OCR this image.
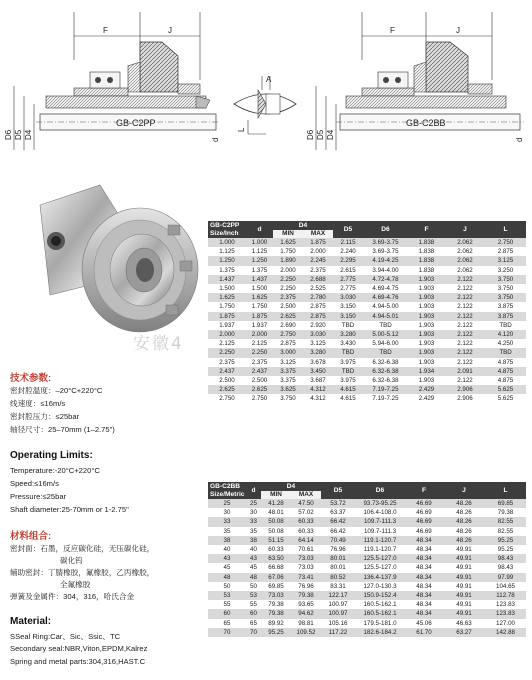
F	J
D6 D5 D4	d
GB-C2PP
A
L
F	J
D6 D5 D4	d
GB-C2BB
安徽4
技术参数:
密封腔温度：–20°C+220°C
线速度：≤16m/s
密封腔压力：≤25bar
轴径尺寸：25–70mm (1–2.75")
Operating Limits:
Temperature:-20°C+220°C
Speed:≤16m/s
Pressure:≤25bar
Shaft diameter:25-70mm or 1-2.75"
材料组合:
密封面：石墨，反应碳化硅，无压碳化硅，
碳化钨
辅助密封：丁腈橡胶，氟橡胶，乙丙橡胶，
全氟橡胶
弹簧及金属件：304，316，哈氏合金
Material:
SSeal Ring:Car、Sic、Ssic、TC
Secondary seal:NBR,Viton,EPDM,Kalrez
Spring and metal parts:304,316,HAST.C
GB-C2PP
Size/Inch	d	D4		D5	D6	F	J	L
		MIN	MAX					
1.000	1.000	1.625	1.875	2.115	3.69-3.75	1.838	2.062	2.750
1.125	1.125	1.750	2.000	2.240	3.69-3.75	1.838	2.062	2.875
1.250	1.250	1.890	2.245	2.295	4.19-4.25	1.838	2.062	3.125
1.375	1.375	2.000	2.375	2.615	3.94-4.00	1.838	2.062	3.250
1.437	1.437	2.250	2.688	2.775	4.72-4.78	1.903	2.122	3.750
1.500	1.500	2.250	2.525	2.775	4.69-4.75	1.903	2.122	3.750
1.625	1.625	2.375	2.780	3.030	4.69-4.76	1.903	2.122	3.750
1.750	1.750	2.500	2.875	3.150	4.94-5.00	1.903	2.122	3.875
1.875	1.875	2.625	2.875	3.150	4.94-5.01	1.903	2.122	3.875
1.937	1.937	2.690	2.920	TBD	TBD	1.903	2.122	TBD
2.000	2.000	2.750	3.030	3.280	5.00-5.12	1.903	2.122	4.120
2.125	2.125	2.875	3.125	3.430	5.94-6.00	1.903	2.122	4.250
2.250	2.250	3.000	3.280	TBD	TBD	1.903	2.122	TBD
2.375	2.375	3.125	3.678	3.975	6.32-6.38	1.903	2.122	4.875
2.437	2.437	3.375	3.450	TBD	6.32-6.38	1.934	2.091	4.875
2.500	2.500	3.375	3.687	3.975	6.32-6.38	1.903	2.122	4.875
2.625	2.625	3.625	4.312	4.615	7.19-7.25	2.429	2.906	5.625
2.750	2.750	3.750	4.312	4.615	7.19-7.25	2.429	2.906	5.625
GB-C2BB
Size/Metric	d	D4		D5	D6	F	J	L
		MIN	MAX					
25	25	41.28	47.50	53.72	93.73-95.25	46.69	48.26	69.85
30	30	48.01	57.02	63.37	106.4-108.0	46.69	48.26	79.38
33	33	50.08	60.33	66.42	109.7-111.3	46.69	48.26	82.55
35	35	50.08	60.33	66.42	109.7-111.3	46.69	48.26	82.55
38	38	51.15	64.14	70.49	119.1-120.7	48.34	48.26	95.25
40	40	60.33	70.61	76.96	119.1-120.7	48.34	49.91	95.25
43	43	63.50	73.03	80.01	125.5-127.0	48.34	49.91	98.43
45	45	66.68	73.03	80.01	125.5-127.0	48.34	49.91	98.43
48	48	67.06	73.41	80.52	136.4-137.9	48.34	49.91	97.99
50	50	69.85	76.96	83.31	127.0-130.3	48.34	49.91	104.65
53	53	73.03	79.38	122.17	150.9-152.4	48.34	49.91	112.78
55	55	79.38	93.65	100.97	160.5-162.1	48.34	49.91	123.83
60	60	79.38	94.62	100.97	160.5-162.1	48.34	49.91	123.83
65	65	89.92	98.81	105.16	179.5-181.0	45.06	46.63	127.00
70	70	95.25	109.52	117.22	182.6-184.2	61.70	63.27	142.88
